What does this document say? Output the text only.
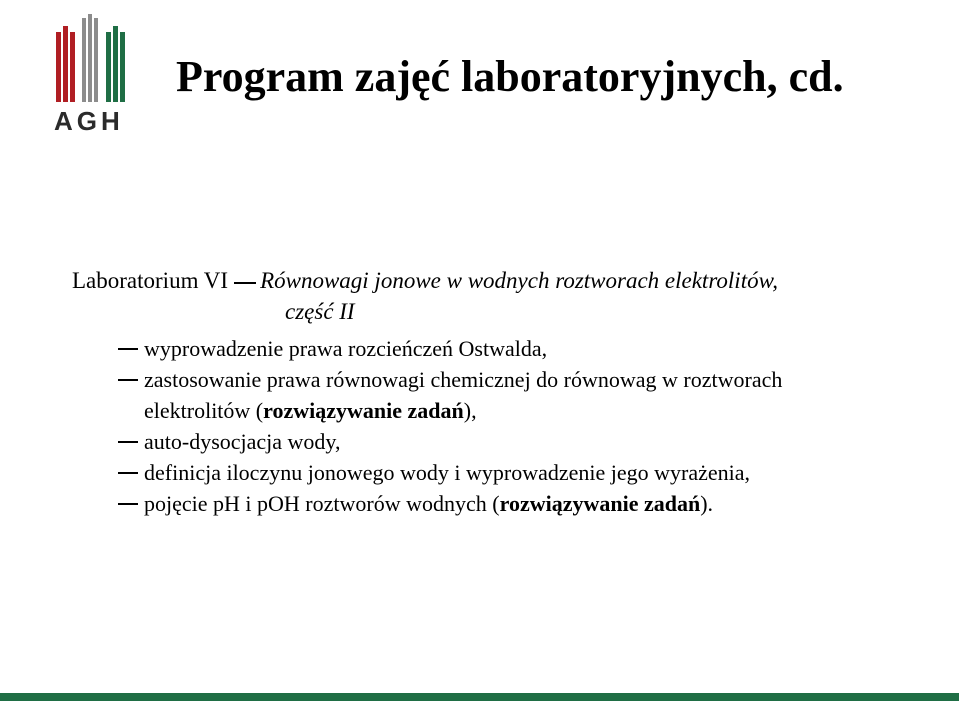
AGH
Program zajęć laboratoryjnych, cd.
Laboratorium VI Równowagi jonowe w wodnych roztworach elektrolitów,
część II
wyprowadzenie prawa rozcieńczeń Ostwalda,
zastosowanie prawa równowagi chemicznej do równowag w roztworach
elektrolitów (rozwiązywanie zadań),
auto-dysocjacja wody,
definicja iloczynu jonowego wody i wyprowadzenie jego wyrażenia,
pojęcie pH i pOH roztworów wodnych (rozwiązywanie zadań).
